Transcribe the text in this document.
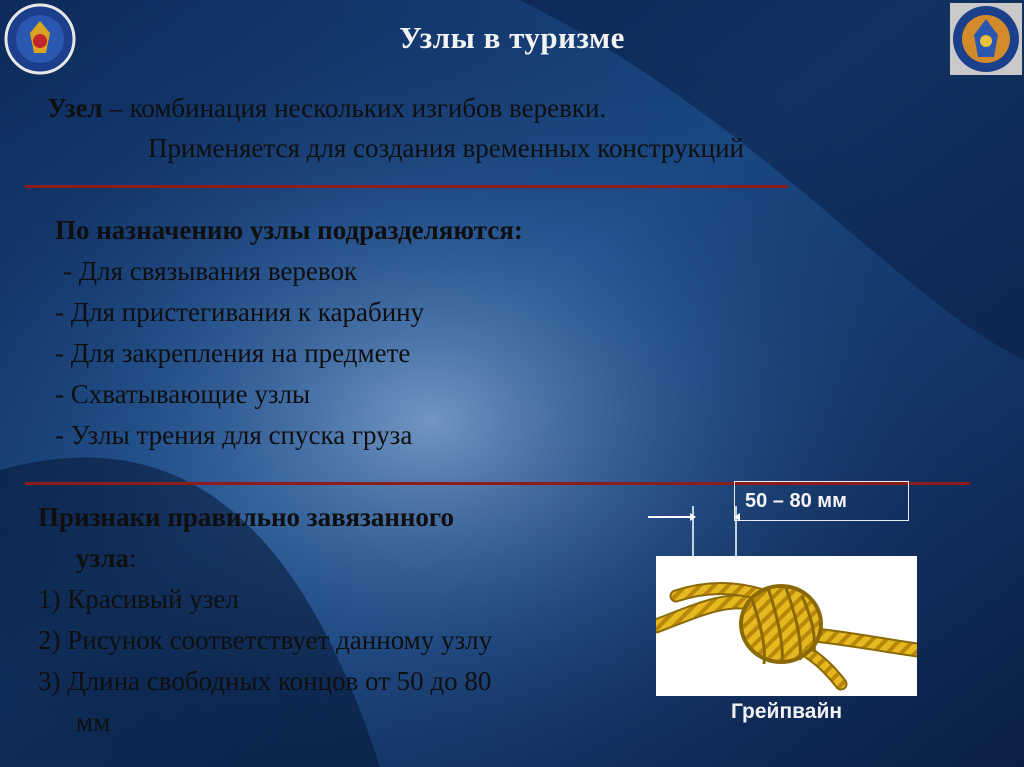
Узлы в туризме
Узел – комбинация нескольких изгибов веревки.
Применяется для создания временных конструкций
По назначению узлы подразделяются:
- Для связывания веревок
- Для пристегивания к карабину
- Для закрепления на предмете
- Схватывающие узлы
- Узлы трения для спуска груза
Признаки правильно завязанного
узла:
1) Красивый узел
2) Рисунок соответствует данному узлу
3) Длина свободных концов от 50 до 80
мм
50 – 80 мм
Грейпвайн
